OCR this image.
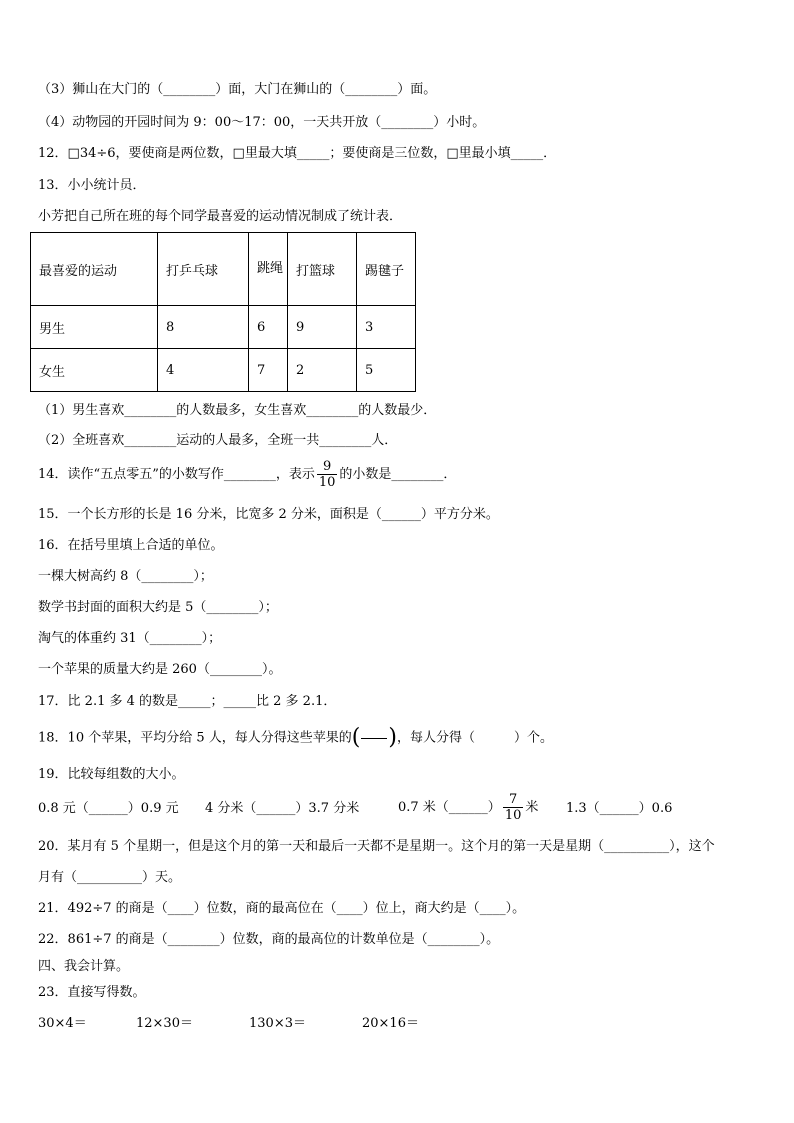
（3）狮山在大门的（________）面，大门在狮山的（________）面。
（4）动物园的开园时间为 9：00～17：00，一天共开放（________）小时。
12．□34÷6，要使商是两位数，□里最大填_____；要使商是三位数，□里最小填_____．
13．小小统计员．
小芳把自己所在班的每个同学最喜爱的运动情况制成了统计表．
最喜爱的运动	打乒乓球	跳绳	打篮球	踢毽子
男生	8	6	9	3
女生	4	7	2	5
（1）男生喜欢________的人数最多，女生喜欢________的人数最少．
（2）全班喜欢________运动的人最多，全班一共________人．
14．读作“五点零五”的小数写作________，表示 $\frac{9}{10}$ 的小数是________．
15．一个长方形的长是 16 分米，比宽多 2 分米，面积是（______）平方分米。
16．在括号里填上合适的单位。
一棵大树高约 8（________）；
数学书封面的面积大约是 5（________）；
淘气的体重约 31（________）；
一个苹果的质量大约是 260（________）。
17．比 2.1 多 4 的数是_____；_____比 2 多 2.1．
18．10 个苹果，平均分给 5 人，每人分得这些苹果的( )，每人分得（　　　）个。
19．比较每组数的大小。
0.8 元（______）0.9 元 4 分米（______）3.7 分米	0.7 米（______） $\frac{7}{10}$ 米 1.3（______）0.6
20．某月有 5 个星期一，但是这个月的第一天和最后一天都不是星期一。这个月的第一天是星期（__________），这个
月有（__________）天。
21．492÷7 的商是（____）位数，商的最高位在（____）位上，商大约是（____）。
22．861÷7 的商是（________）位数，商的最高位的计数单位是（________）。
四、我会计算。
23．直接写得数。
30×4＝	12×30＝	130×3＝	20×16＝
